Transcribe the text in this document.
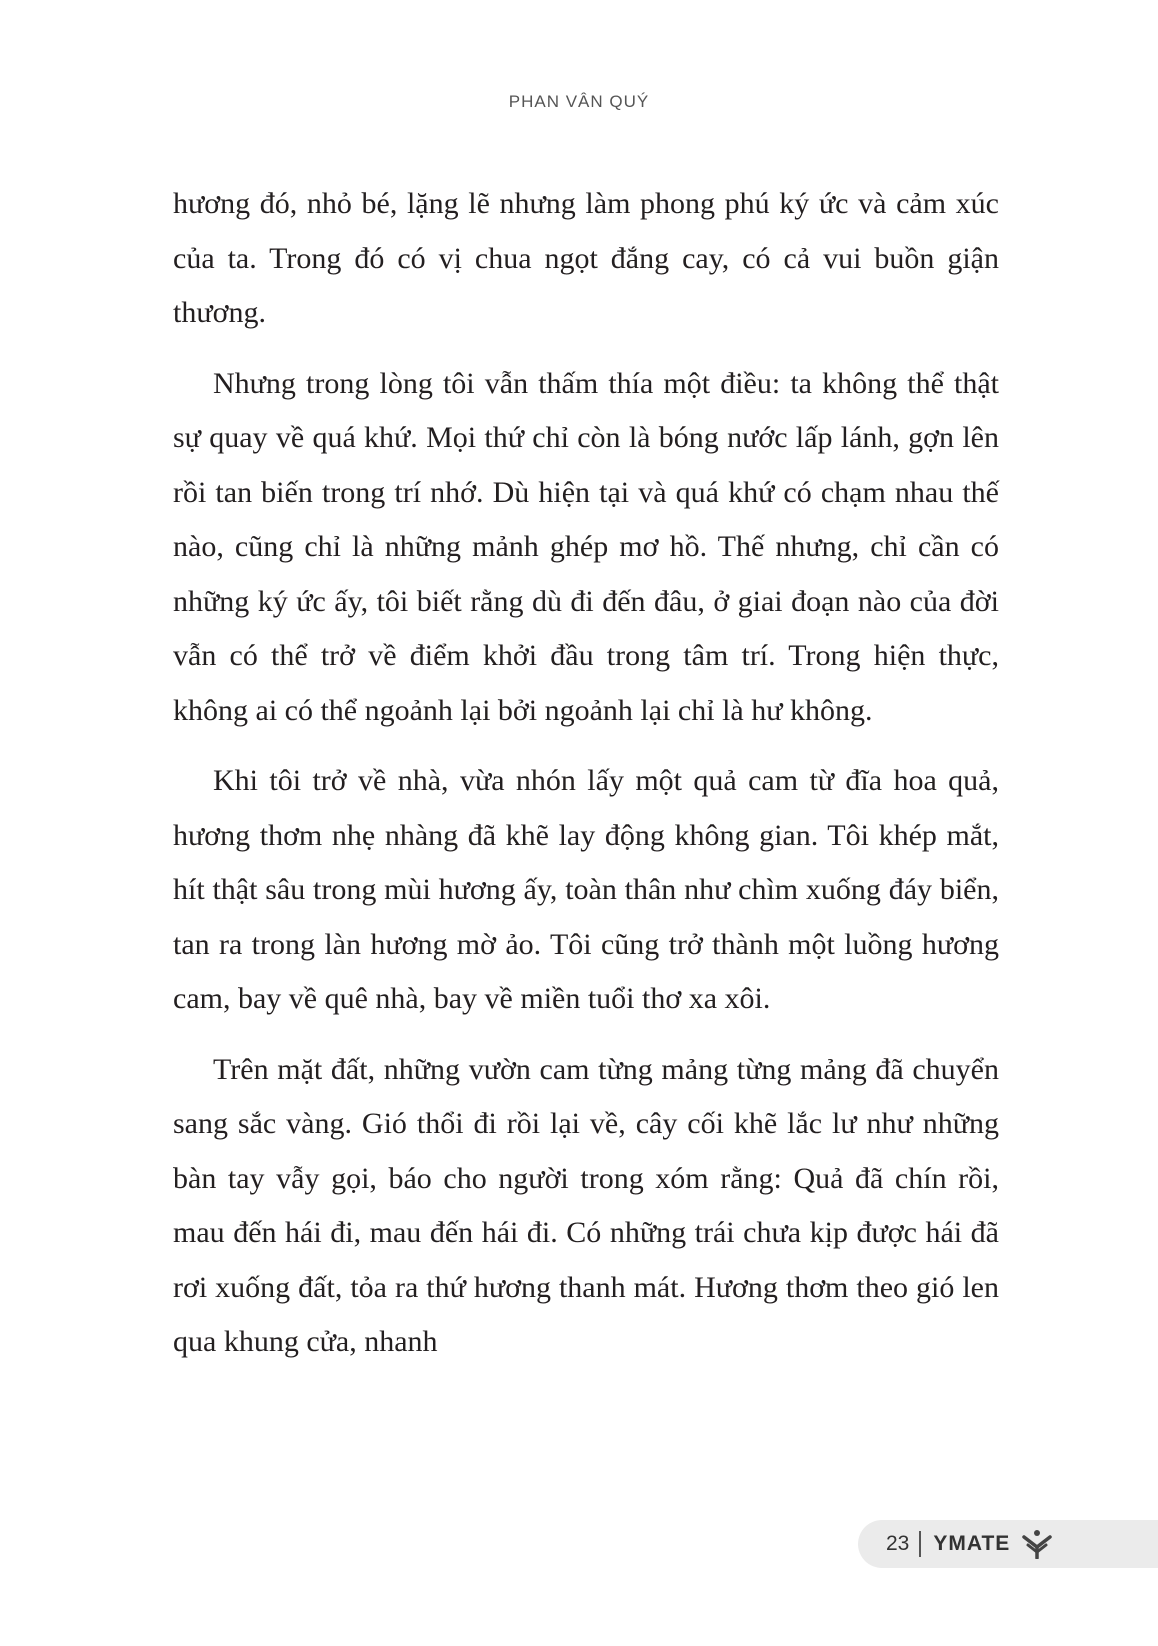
PHAN VÂN QUÝ

hương đó, nhỏ bé, lặng lẽ nhưng làm phong phú ký ức và cảm xúc của ta. Trong đó có vị chua ngọt đắng cay, có cả vui buồn giận thương.

Nhưng trong lòng tôi vẫn thấm thía một điều: ta không thể thật sự quay về quá khứ. Mọi thứ chỉ còn là bóng nước lấp lánh, gợn lên rồi tan biến trong trí nhớ. Dù hiện tại và quá khứ có chạm nhau thế nào, cũng chỉ là những mảnh ghép mơ hồ. Thế nhưng, chỉ cần có những ký ức ấy, tôi biết rằng dù đi đến đâu, ở giai đoạn nào của đời vẫn có thể trở về điểm khởi đầu trong tâm trí. Trong hiện thực, không ai có thể ngoảnh lại bởi ngoảnh lại chỉ là hư không.

Khi tôi trở về nhà, vừa nhón lấy một quả cam từ đĩa hoa quả, hương thơm nhẹ nhàng đã khẽ lay động không gian. Tôi khép mắt, hít thật sâu trong mùi hương ấy, toàn thân như chìm xuống đáy biển, tan ra trong làn hương mờ ảo. Tôi cũng trở thành một luồng hương cam, bay về quê nhà, bay về miền tuổi thơ xa xôi.

Trên mặt đất, những vườn cam từng mảng từng mảng đã chuyển sang sắc vàng. Gió thổi đi rồi lại về, cây cối khẽ lắc lư như những bàn tay vẫy gọi, báo cho người trong xóm rằng: Quả đã chín rồi, mau đến hái đi, mau đến hái đi. Có những trái chưa kịp được hái đã rơi xuống đất, tỏa ra thứ hương thanh mát. Hương thơm theo gió len qua khung cửa, nhanh

23 YMATE
